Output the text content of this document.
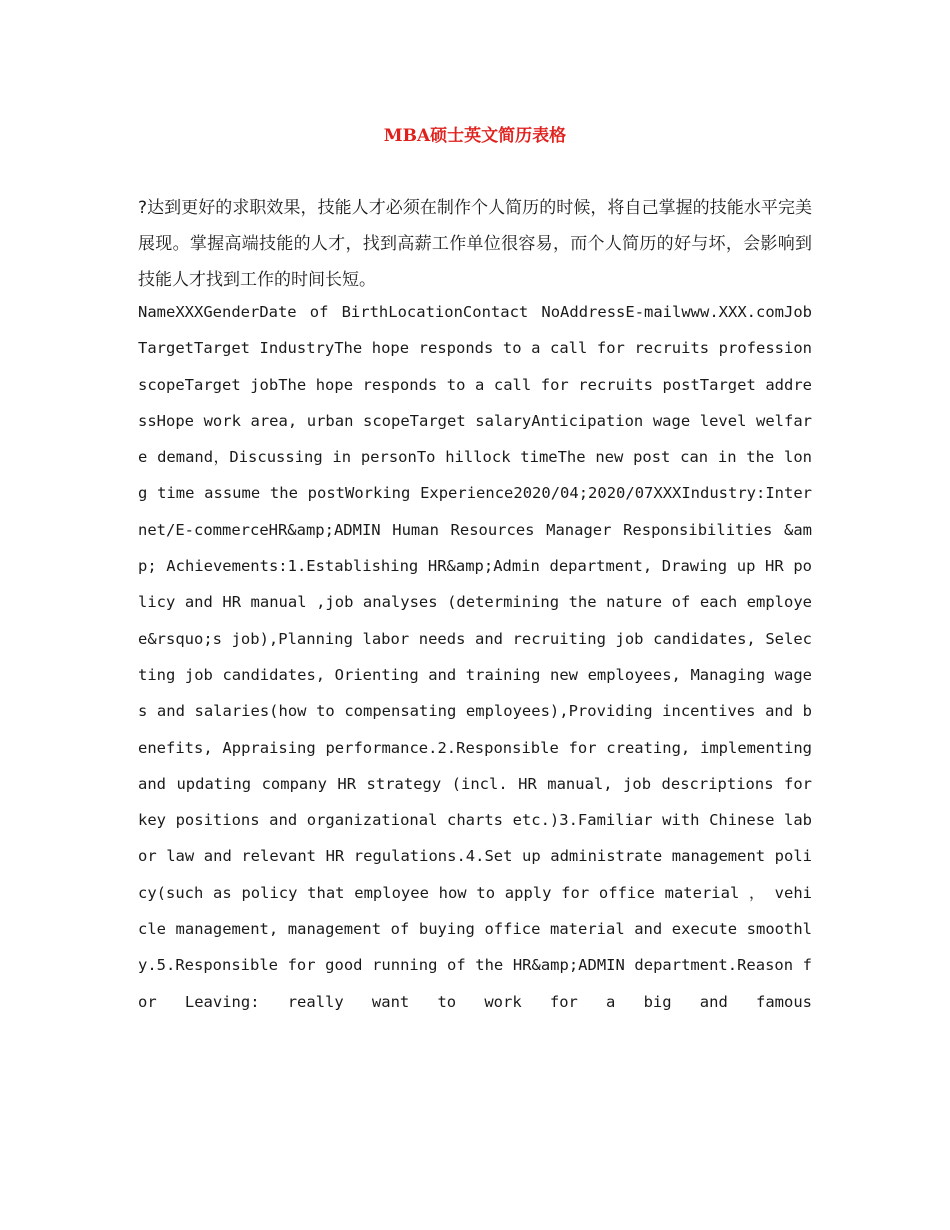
MBA硕士英文简历表格

?达到更好的求职效果，技能人才必须在制作个人简历的时候，将自己掌握的技能水平完美展现。掌握高端技能的人才，找到高薪工作单位很容易，而个人简历的好与坏，会影响到技能人才找到工作的时间长短。

NameXXXGenderDate of BirthLocationContact NoAddressE-mailwww.XXX.comJob TargetTarget IndustryThe hope responds to a call for recruits profession scopeTarget jobThe hope responds to a call for recruits postTarget addressHope work area, urban scopeTarget salaryAnticipation wage level welfare demand，Discussing in personTo hillock timeThe new post can in the long time assume the postWorking Experience2020/04;2020/07XXXIndustry:Internet/E-commerceHR&amp;ADMIN Human Resources Manager Responsibilities &amp; Achievements:1.Establishing HR&amp;Admin department, Drawing up HR policy and HR manual ,job analyses (determining the nature of each employee&rsquo;s job),Planning labor needs and recruiting job candidates, Selecting job candidates, Orienting and training new employees, Managing wages and salaries(how to compensating employees),Providing incentives and benefits, Appraising performance.2.Responsible for creating, implementing and updating company HR strategy (incl. HR manual, job descriptions for key positions and organizational charts etc.)3.Familiar with Chinese labor law and relevant HR regulations.4.Set up administrate management policy(such as policy that employee how to apply for office material ， vehicle management, management of buying office material and execute smoothly.5.Responsible for good running of the HR&amp;ADMIN department.Reason for Leaving: really want to work for a big and famous
